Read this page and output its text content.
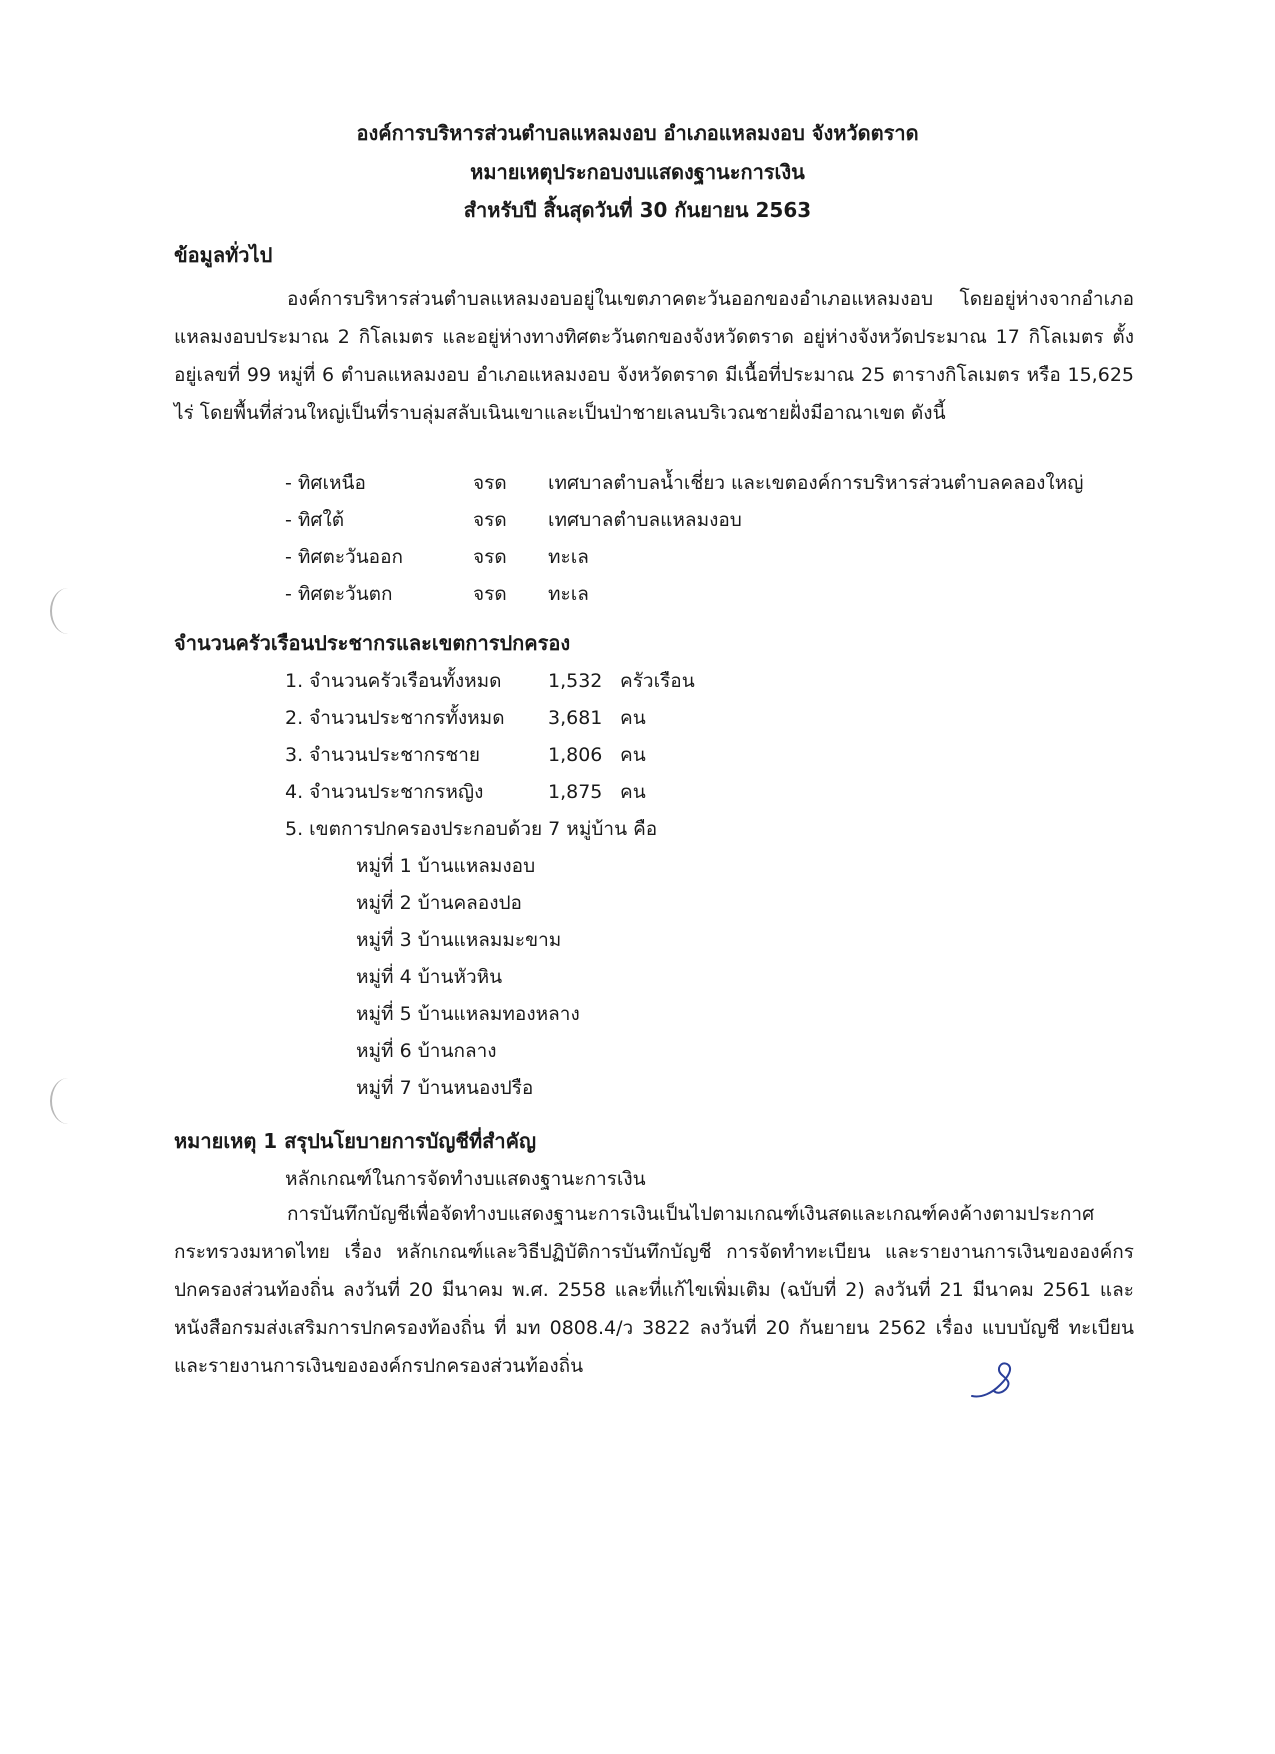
องค์การบริหารส่วนตำบลแหลมงอบ อำเภอแหลมงอบ จังหวัดตราด
หมายเหตุประกอบงบแสดงฐานะการเงิน
สำหรับปี สิ้นสุดวันที่ 30 กันยายน 2563
ข้อมูลทั่วไป
องค์การบริหารส่วนตำบลแหลมงอบอยู่ในเขตภาคตะวันออกของอำเภอแหลมงอบ โดยอยู่ห่างจากอำเภอแหลมงอบประมาณ 2 กิโลเมตร และอยู่ห่างทางทิศตะวันตกของจังหวัดตราด อยู่ห่างจังหวัดประมาณ 17 กิโลเมตร ตั้งอยู่เลขที่ 99 หมู่ที่ 6 ตำบลแหลมงอบ อำเภอแหลมงอบ จังหวัดตราด มีเนื้อที่ประมาณ 25 ตารางกิโลเมตร หรือ 15,625 ไร่ โดยพื้นที่ส่วนใหญ่เป็นที่ราบลุ่มสลับเนินเขาและเป็นป่าชายเลนบริเวณชายฝั่งมีอาณาเขต ดังนี้
- ทิศเหนือ	จรด เทศบาลตำบลน้ำเชี่ยว และเขตองค์การบริหารส่วนตำบลคลองใหญ่
- ทิศใต้	จรด เทศบาลตำบลแหลมงอบ
- ทิศตะวันออก	จรด ทะเล
- ทิศตะวันตก	จรด ทะเล
จำนวนครัวเรือนประชากรและเขตการปกครอง
1. จำนวนครัวเรือนทั้งหมด 1,532 ครัวเรือน
2. จำนวนประชากรทั้งหมด 3,681 คน
3. จำนวนประชากรชาย	1,806 คน
4. จำนวนประชากรหญิง	1,875 คน
5. เขตการปกครองประกอบด้วย 7 หมู่บ้าน คือ
หมู่ที่ 1 บ้านแหลมงอบ
หมู่ที่ 2 บ้านคลองปอ
หมู่ที่ 3 บ้านแหลมมะขาม
หมู่ที่ 4 บ้านหัวหิน
หมู่ที่ 5 บ้านแหลมทองหลาง
หมู่ที่ 6 บ้านกลาง
หมู่ที่ 7 บ้านหนองปรือ
หมายเหตุ 1 สรุปนโยบายการบัญชีที่สำคัญ
หลักเกณฑ์ในการจัดทำงบแสดงฐานะการเงิน
การบันทึกบัญชีเพื่อจัดทำงบแสดงฐานะการเงินเป็นไปตามเกณฑ์เงินสดและเกณฑ์คงค้างตามประกาศกระทรวงมหาดไทย เรื่อง หลักเกณฑ์และวิธีปฏิบัติการบันทึกบัญชี การจัดทำทะเบียน และรายงานการเงินขององค์กรปกครองส่วนท้องถิ่น ลงวันที่ 20 มีนาคม พ.ศ. 2558 และที่แก้ไขเพิ่มเติม (ฉบับที่ 2) ลงวันที่ 21 มีนาคม 2561 และหนังสือกรมส่งเสริมการปกครองท้องถิ่น ที่ มท 0808.4/ว 3822 ลงวันที่ 20 กันยายน 2562 เรื่อง แบบบัญชี ทะเบียน และรายงานการเงินขององค์กรปกครองส่วนท้องถิ่น
